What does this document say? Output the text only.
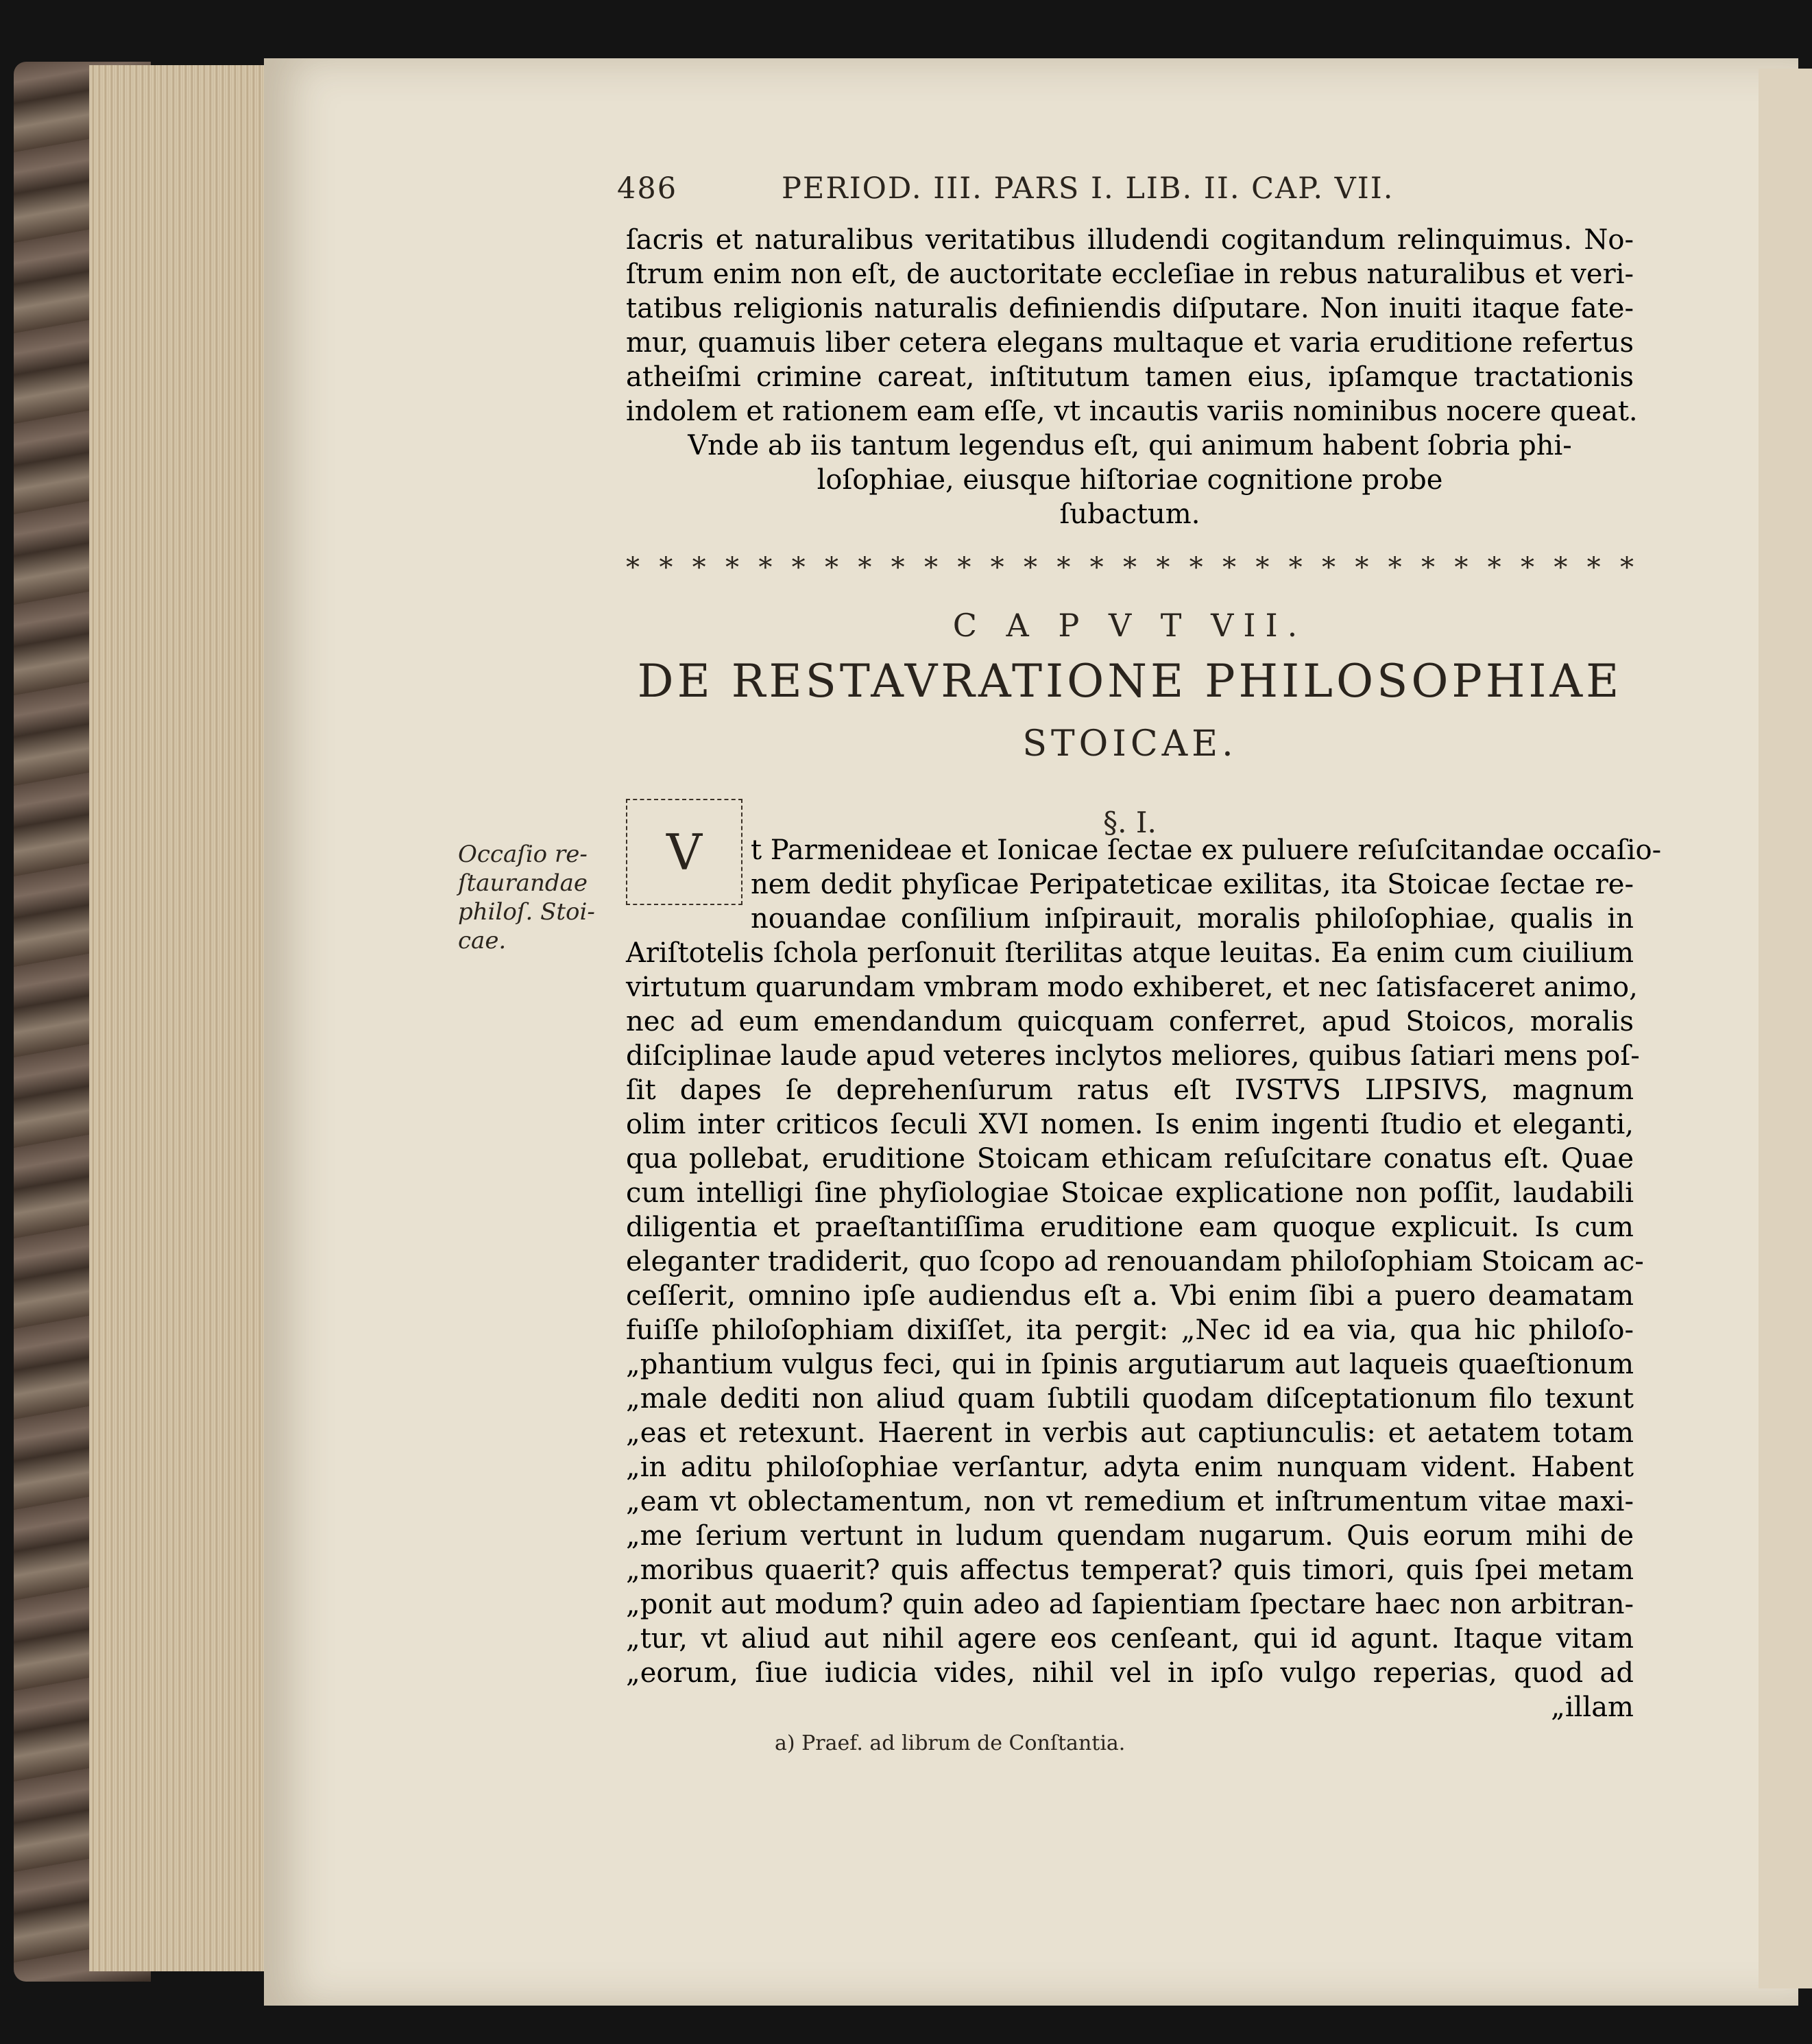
486	PERIOD. III. PARS I. LIB. II. CAP. VII.
ſacris et naturalibus veritatibus illudendi cogitandum relinquimus. No-
ſtrum enim non eſt, de auctoritate eccleſiae in rebus naturalibus et veri-
tatibus religionis naturalis definiendis diſputare. Non inuiti itaque fate-
mur, quamuis liber cetera elegans multaque et varia eruditione refertus
atheiſmi crimine careat, inſtitutum tamen eius, ipſamque tractationis
indolem et rationem eam eſſe, vt incautis variis nominibus nocere queat.
Vnde ab iis tantum legendus eſt, qui animum habent ſobria phi-
loſophiae, eiusque hiſtoriae cognitione probe
ſubactum.
* * * * * * * * * * * * * * * * * * * * * * * * * * * * * * *
C A P V T VII.
DE RESTAVRATIONE PHILOSOPHIAE
STOICAE.
§. I.
V
Occaſio re-
ſtaurandae
philoſ. Stoi-
cae.
t Parmenideae et Ionicae ſectae ex puluere reſuſcitandae occaſio-
nem dedit phyſicae Peripateticae exilitas, ita Stoicae ſectae re-
nouandae conſilium inſpirauit, moralis philoſophiae, qualis in
Ariſtotelis ſchola perſonuit ſterilitas atque leuitas. Ea enim cum ciuilium
virtutum quarundam vmbram modo exhiberet, et nec ſatisfaceret animo,
nec ad eum emendandum quicquam conferret, apud Stoicos, moralis
diſciplinae laude apud veteres inclytos meliores, quibus ſatiari mens poſ-
ſit dapes ſe deprehenſurum ratus eſt IVSTVS LIPSIVS, magnum
olim inter criticos ſeculi XVI nomen. Is enim ingenti ſtudio et eleganti,
qua pollebat, eruditione Stoicam ethicam reſuſcitare conatus eſt. Quae
cum intelligi ſine phyſiologiae Stoicae explicatione non poſſit, laudabili
diligentia et praeſtantiſſima eruditione eam quoque explicuit. Is cum
eleganter tradiderit, quo ſcopo ad renouandam philoſophiam Stoicam ac-
ceſſerit, omnino ipſe audiendus eſt a. Vbi enim ſibi a puero deamatam
fuiſſe philoſophiam dixiſſet, ita pergit: „Nec id ea via, qua hic philoſo-
„phantium vulgus feci, qui in ſpinis argutiarum aut laqueis quaeſtionum
„male dediti non aliud quam ſubtili quodam diſceptationum filo texunt
„eas et retexunt. Haerent in verbis aut captiunculis: et aetatem totam
„in aditu philoſophiae verſantur, adyta enim nunquam vident. Habent
„eam vt oblectamentum, non vt remedium et inſtrumentum vitae maxi-
„me ſerium vertunt in ludum quendam nugarum. Quis eorum mihi de
„moribus quaerit? quis affectus temperat? quis timori, quis ſpei metam
„ponit aut modum? quin adeo ad ſapientiam ſpectare haec non arbitran-
„tur, vt aliud aut nihil agere eos cenſeant, qui id agunt. Itaque vitam
„eorum, ſiue iudicia vides, nihil vel in ipſo vulgo reperias, quod ad
„illam
a) Praef. ad librum de Conſtantia.
